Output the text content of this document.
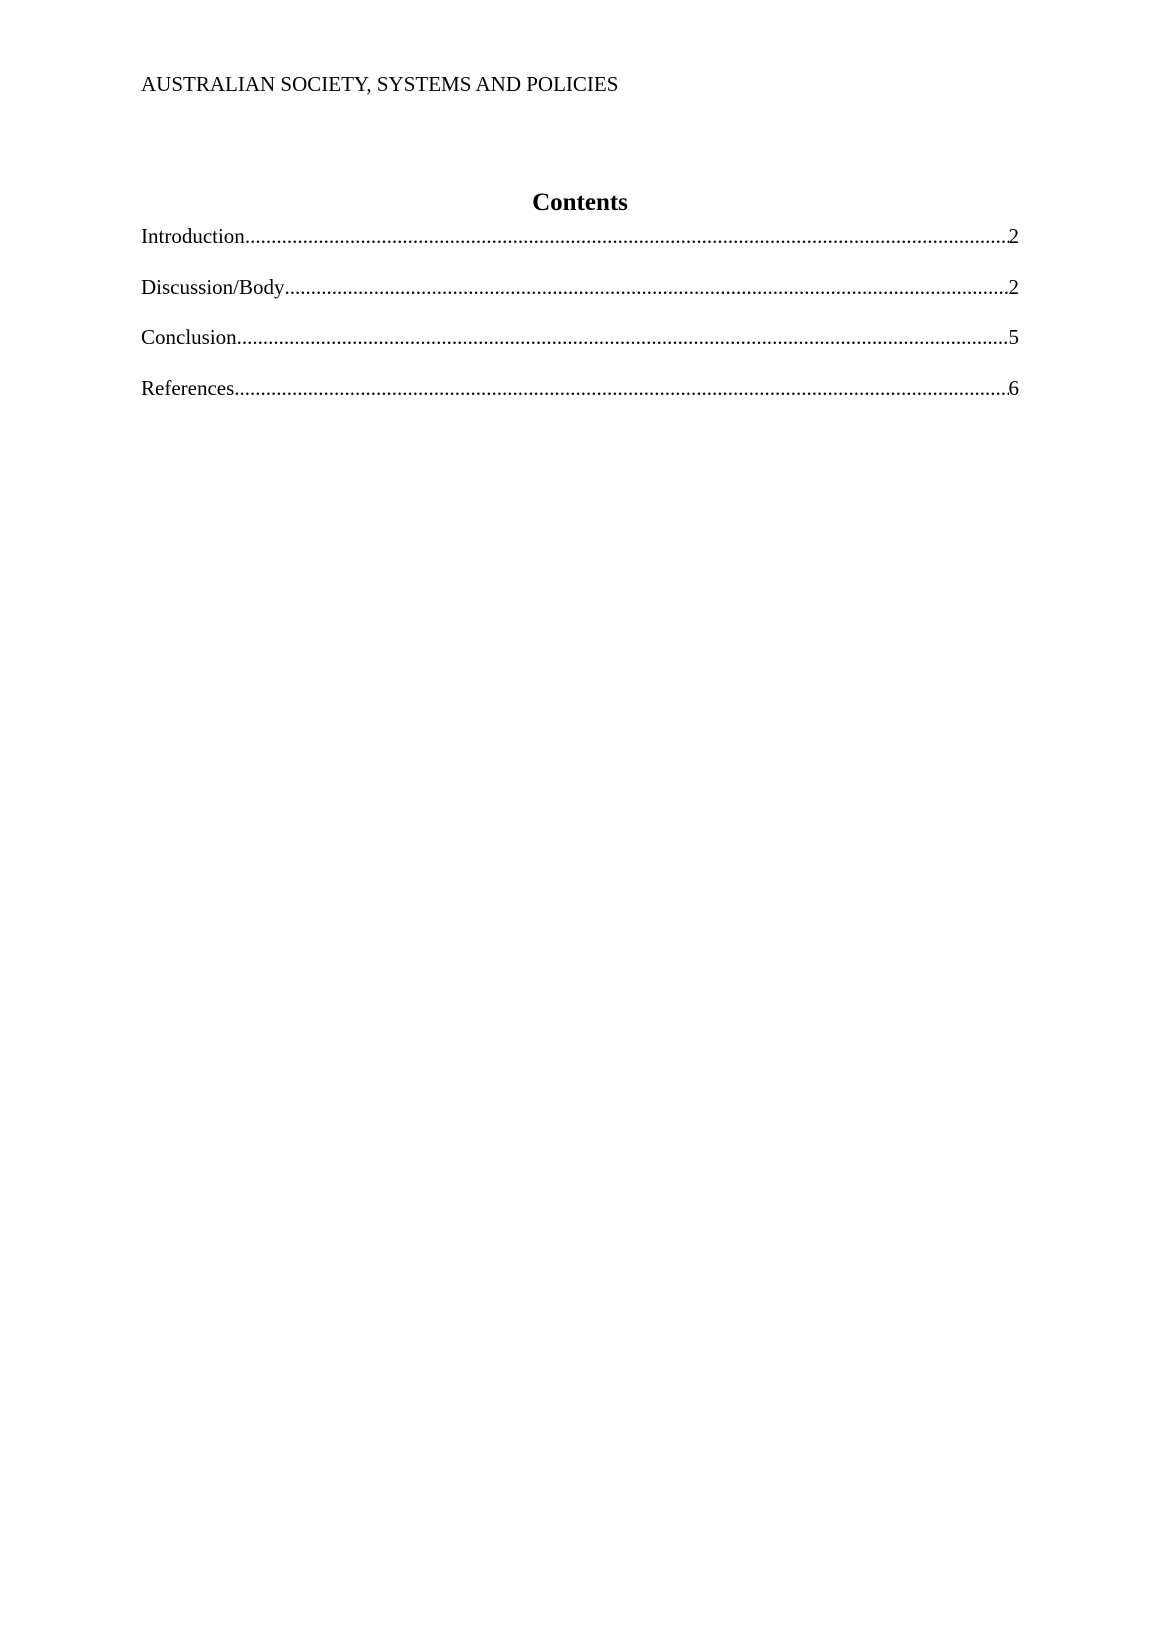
AUSTRALIAN SOCIETY, SYSTEMS AND POLICIES
Contents
Introduction .....	2
Discussion/Body .....	2
Conclusion .....	5
References .....	6
